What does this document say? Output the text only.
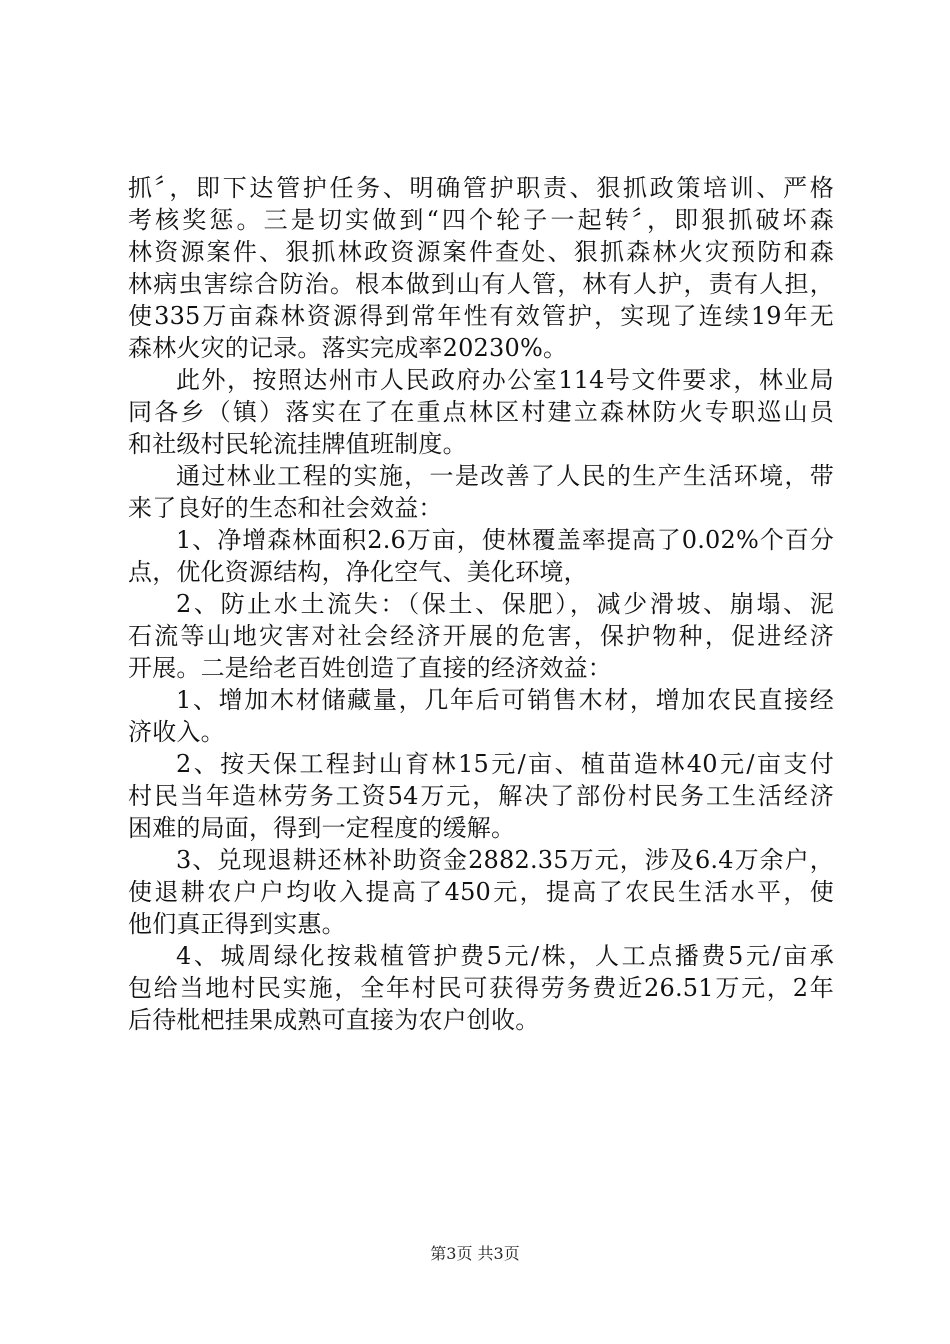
抓〞，即下达管护任务、明确管护职责、狠抓政策培训、严格
考核奖惩。三是切实做到“四个轮子一起转〞，即狠抓破坏森
林资源案件、狠抓林政资源案件查处、狠抓森林火灾预防和森
林病虫害综合防治。根本做到山有人管，林有人护，责有人担，
使335万亩森林资源得到常年性有效管护，实现了连续19年无
森林火灾的记录。落实完成率20230%。
此外，按照达州市人民政府办公室114号文件要求，林业局
同各乡（镇）落实在了在重点林区村建立森林防火专职巡山员
和社级村民轮流挂牌值班制度。
通过林业工程的实施，一是改善了人民的生产生活环境，带
来了良好的生态和社会效益：
1、净增森林面积2.6万亩，使林覆盖率提高了0.02%个百分
点，优化资源结构，净化空气、美化环境，
2、防止水土流失：（保土、保肥），减少滑坡、崩塌、泥
石流等山地灾害对社会经济开展的危害，保护物种，促进经济
开展。二是给老百姓创造了直接的经济效益：
1、增加木材储藏量，几年后可销售木材，增加农民直接经
济收入。
2、按天保工程封山育林15元/亩、植苗造林40元/亩支付
村民当年造林劳务工资54万元，解决了部份村民务工生活经济
困难的局面，得到一定程度的缓解。
3、兑现退耕还林补助资金2882.35万元，涉及6.4万余户，
使退耕农户户均收入提高了450元，提高了农民生活水平，使
他们真正得到实惠。
4、城周绿化按栽植管护费5元/株，人工点播费5元/亩承
包给当地村民实施，全年村民可获得劳务费近26.51万元，2年
后待枇杷挂果成熟可直接为农户创收。
第3页 共3页
